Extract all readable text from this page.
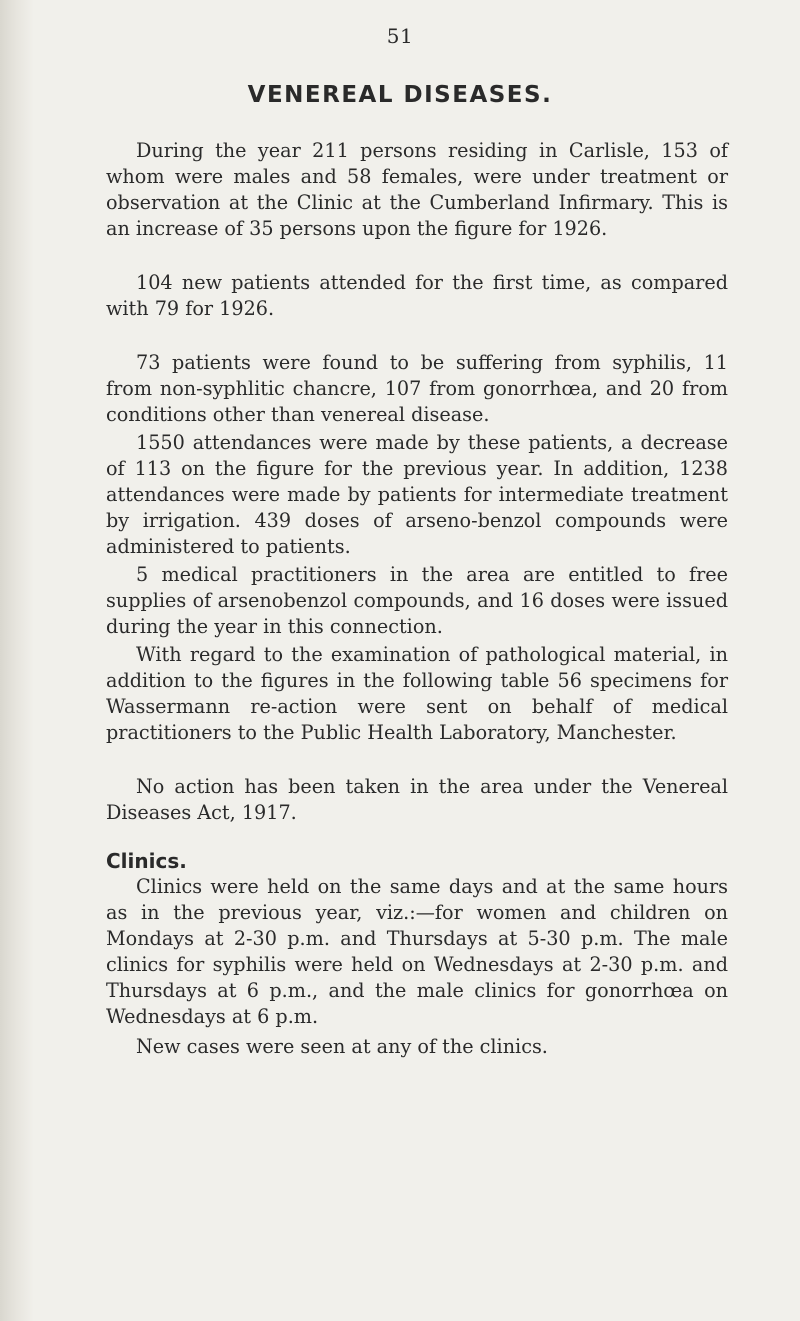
51
VENEREAL DISEASES.

During the year 211 persons residing in Carlisle, 153 of whom were males and 58 females, were under treatment or observation at the Clinic at the Cumberland Infirmary. This is an increase of 35 persons upon the figure for 1926.

104 new patients attended for the first time, as compared with 79 for 1926.

73 patients were found to be suffering from syphilis, 11 from non-syphlitic chancre, 107 from gonorrhœa, and 20 from conditions other than venereal disease.

1550 attendances were made by these patients, a decrease of 113 on the figure for the previous year. In addition, 1238 attendances were made by patients for intermediate treatment by irrigation. 439 doses of arseno-benzol compounds were administered to patients.

5 medical practitioners in the area are entitled to free supplies of arsenobenzol compounds, and 16 doses were issued during the year in this connection.

With regard to the examination of pathological material, in addition to the figures in the following table 56 specimens for Wassermann re-action were sent on behalf of medical practitioners to the Public Health Laboratory, Manchester.

No action has been taken in the area under the Venereal Diseases Act, 1917.

Clinics.

Clinics were held on the same days and at the same hours as in the previous year, viz.:—for women and children on Mondays at 2-30 p.m. and Thursdays at 5-30 p.m. The male clinics for syphilis were held on Wednesdays at 2-30 p.m. and Thursdays at 6 p.m., and the male clinics for gonorrhœa on Wednesdays at 6 p.m.

New cases were seen at any of the clinics.
